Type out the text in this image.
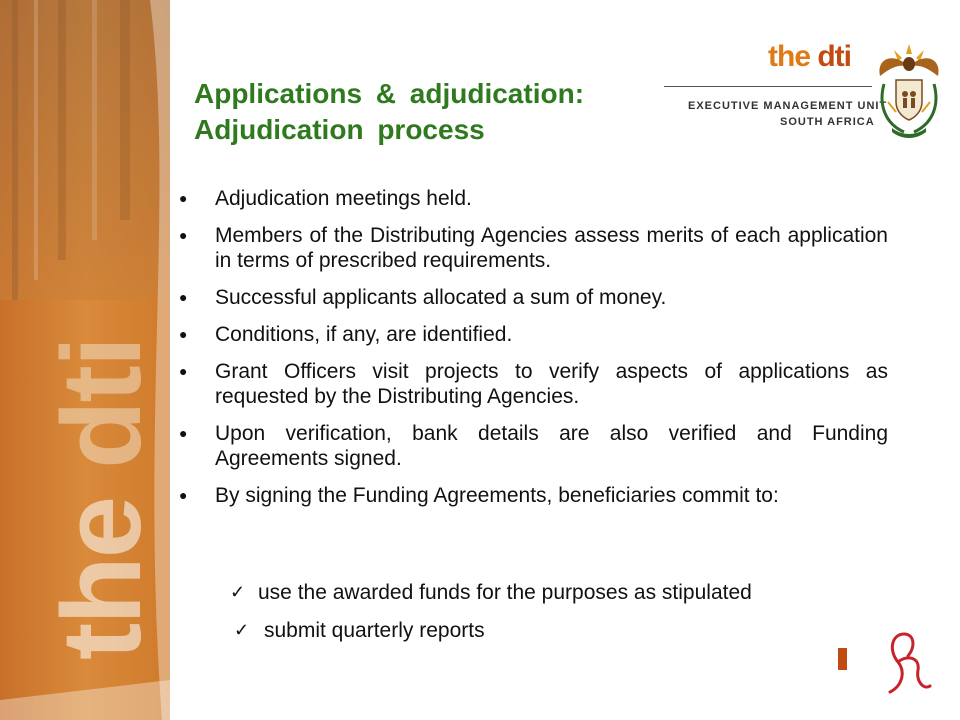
the dti
Applications & adjudication:
Adjudication process
the dti
EXECUTIVE MANAGEMENT UNIT
SOUTH AFRICA
● Adjudication meetings held.
● Members of the Distributing Agencies assess merits of each application in terms of prescribed requirements.
● Successful applicants allocated a sum of money.
● Conditions, if any, are identified.
● Grant Officers visit projects to verify aspects of applications as requested by the Distributing Agencies.
● Upon verification, bank details are also verified and Funding Agreements signed.
● By signing the Funding Agreements, beneficiaries commit to:
✓ use the awarded funds for the purposes as stipulated
✓ submit quarterly reports
